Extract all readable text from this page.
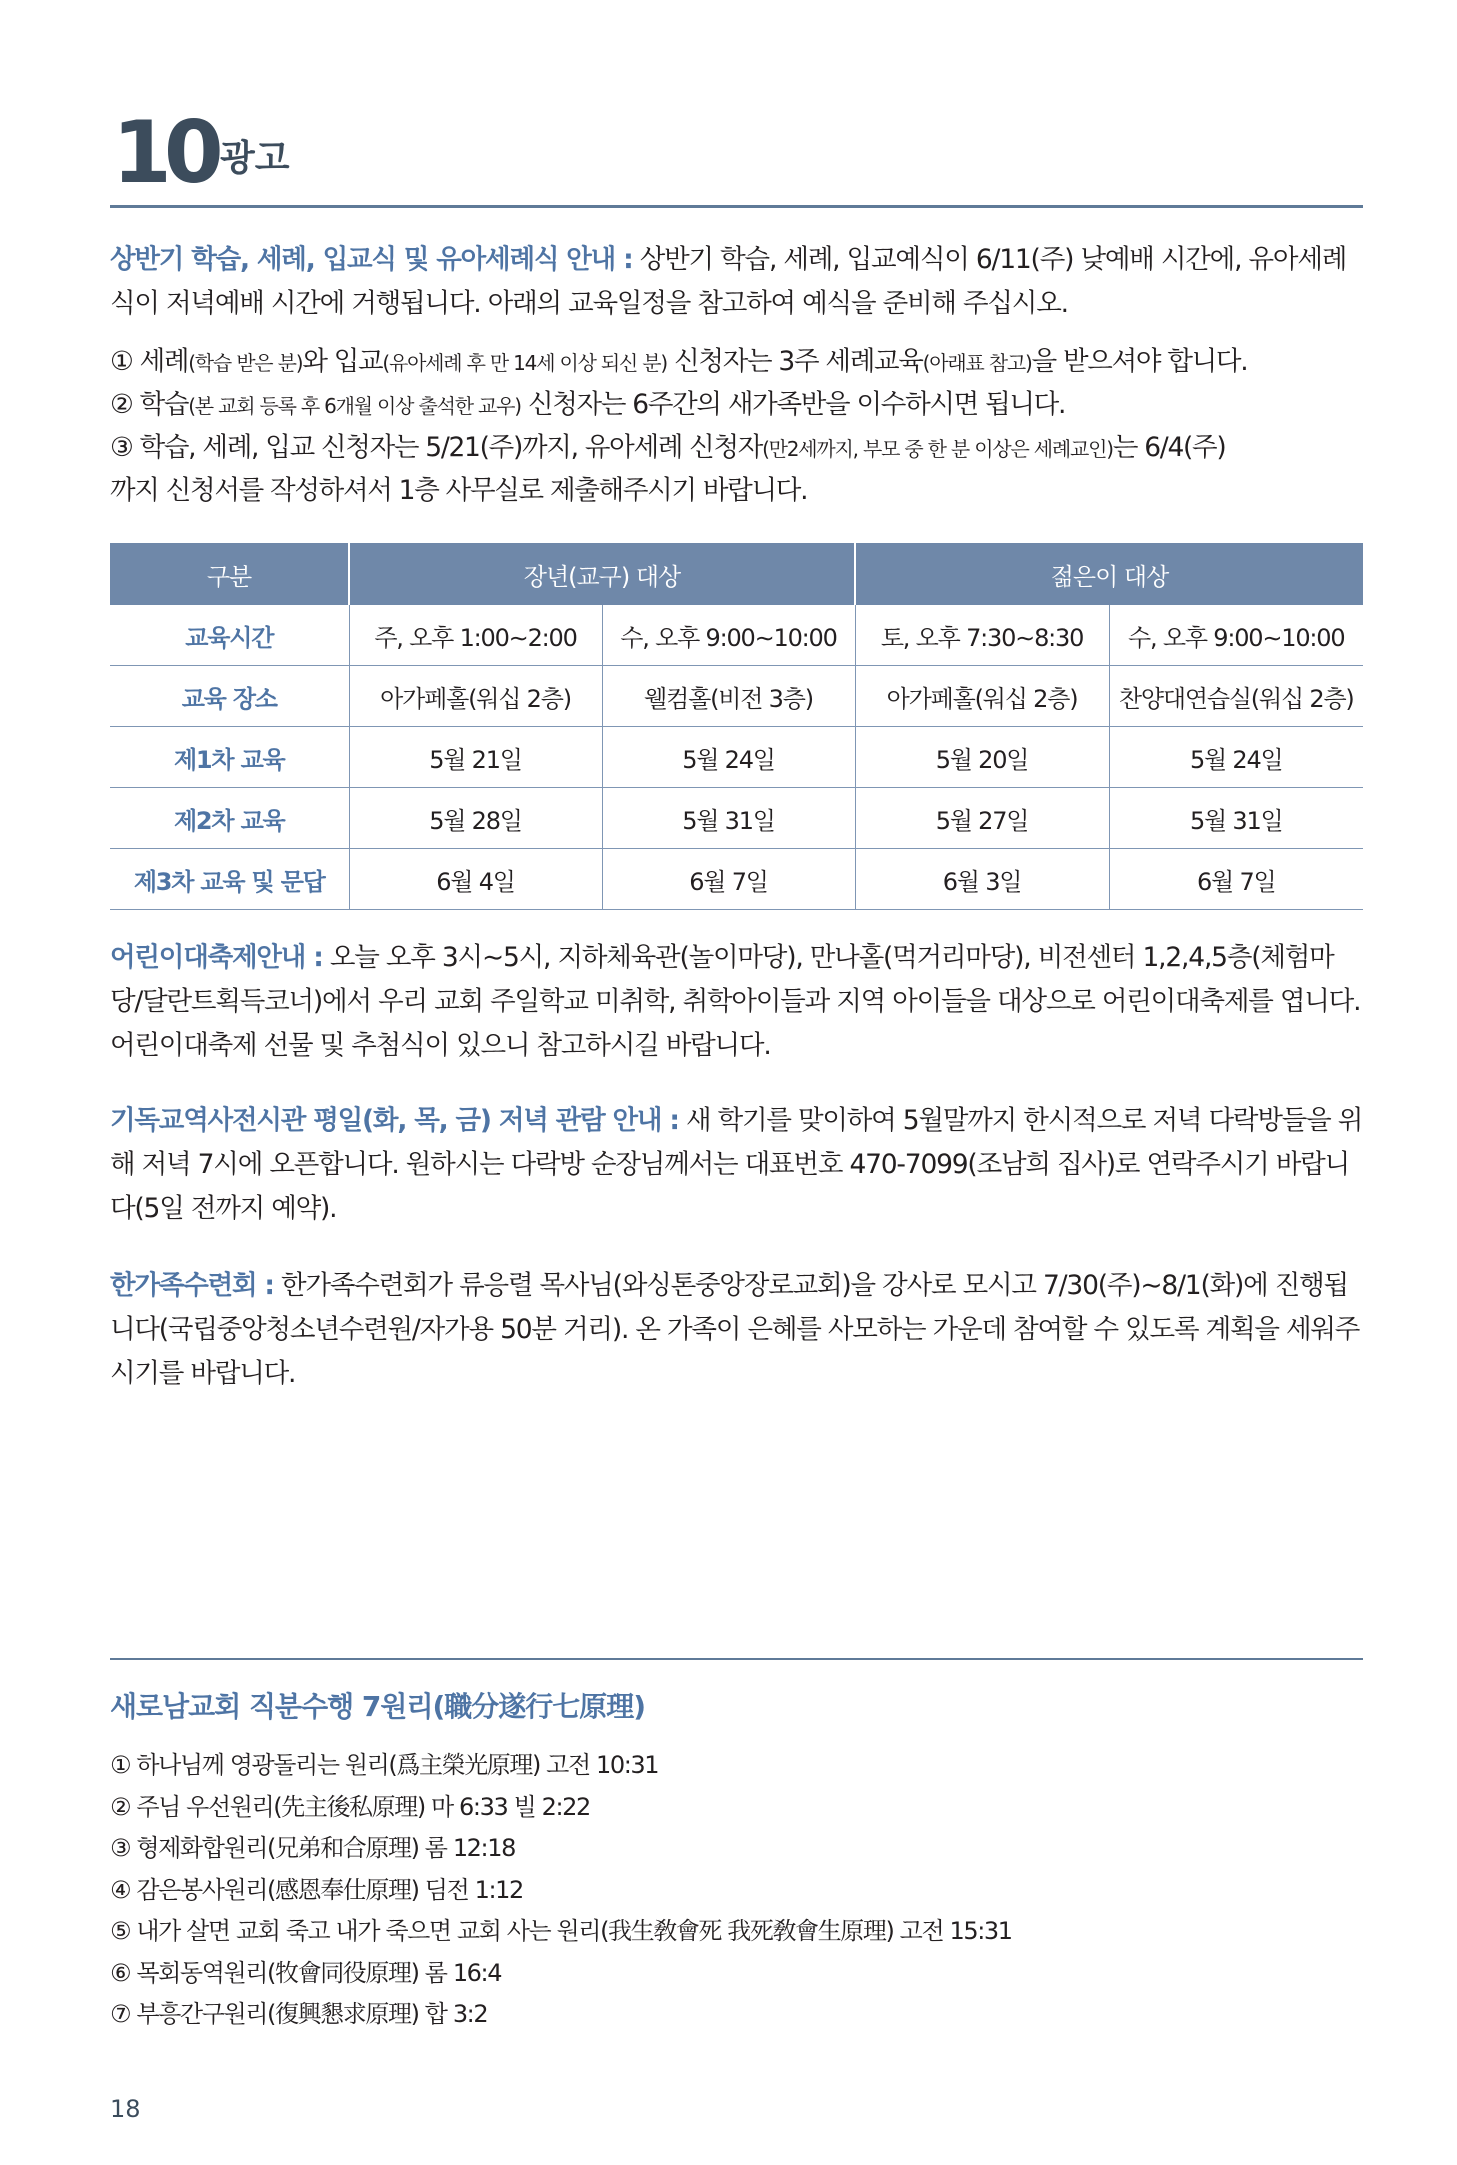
10 광고
상반기 학습, 세례, 입교식 및 유아세례식 안내 : 상반기 학습, 세례, 입교예식이 6/11(주) 낮예배 시간에, 유아세례식이 저녁예배 시간에 거행됩니다. 아래의 교육일정을 참고하여 예식을 준비해 주십시오.
① 세례(학습 받은 분)와 입교(유아세례 후 만 14세 이상 되신 분) 신청자는 3주 세례교육(아래표 참고)을 받으셔야 합니다.
② 학습(본 교회 등록 후 6개월 이상 출석한 교우) 신청자는 6주간의 새가족반을 이수하시면 됩니다.
③ 학습, 세례, 입교 신청자는 5/21(주)까지, 유아세례 신청자(만2세까지, 부모 중 한 분 이상은 세례교인)는 6/4(주)
까지 신청서를 작성하셔서 1층 사무실로 제출해주시기 바랍니다.
구분	장년(교구) 대상		젊은이 대상	
교육시간	주, 오후 1:00∼2:00	수, 오후 9:00∼10:00	토, 오후 7:30∼8:30	수, 오후 9:00∼10:00
교육 장소	아가페홀(워십 2층)	웰컴홀(비전 3층)	아가페홀(워십 2층)	찬양대연습실(워십 2층)
제1차 교육	5월 21일	5월 24일	5월 20일	5월 24일
제2차 교육	5월 28일	5월 31일	5월 27일	5월 31일
제3차 교육 및 문답	6월 4일	6월 7일	6월 3일	6월 7일
어린이대축제안내 : 오늘 오후 3시∼5시, 지하체육관(놀이마당), 만나홀(먹거리마당), 비전센터 1,2,4,5층(체험마당/달란트획득코너)에서 우리 교회 주일학교 미취학, 취학아이들과 지역 아이들을 대상으로 어린이대축제를 엽니다. 어린이대축제 선물 및 추첨식이 있으니 참고하시길 바랍니다.
기독교역사전시관 평일(화, 목, 금) 저녁 관람 안내 : 새 학기를 맞이하여 5월말까지 한시적으로 저녁 다락방들을 위해 저녁 7시에 오픈합니다. 원하시는 다락방 순장님께서는 대표번호 470-7099(조남희 집사)로 연락주시기 바랍니다(5일 전까지 예약).
한가족수련회 : 한가족수련회가 류응렬 목사님(와싱톤중앙장로교회)을 강사로 모시고 7/30(주)∼8/1(화)에 진행됩니다(국립중앙청소년수련원/자가용 50분 거리). 온 가족이 은혜를 사모하는 가운데 참여할 수 있도록 계획을 세워주시기를 바랍니다.
새로남교회 직분수행 7원리(職分遂行七原理)
① 하나님께 영광돌리는 원리(爲主榮光原理) 고전 10:31
② 주님 우선원리(先主後私原理) 마 6:33 빌 2:22
③ 형제화합원리(兄弟和合原理) 롬 12:18
④ 감은봉사원리(感恩奉仕原理) 딤전 1:12
⑤ 내가 살면 교회 죽고 내가 죽으면 교회 사는 원리(我生敎會死 我死敎會生原理) 고전 15:31
⑥ 목회동역원리(牧會同役原理) 롬 16:4
⑦ 부흥간구원리(復興懇求原理) 합 3:2
18
